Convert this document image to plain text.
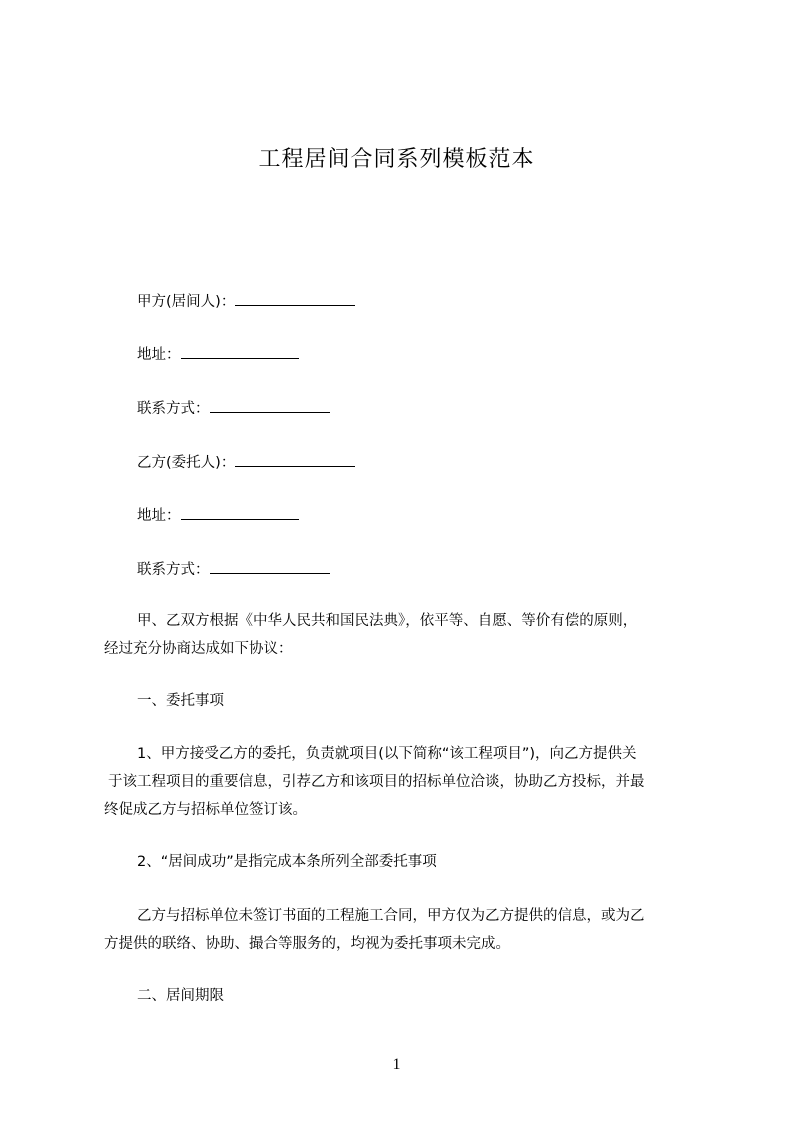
工程居间合同系列模板范本
甲方(居间人)：
地址：
联系方式：
乙方(委托人)：
地址：
联系方式：
甲、乙双方根据《中华人民共和国民法典》，依平等、自愿、等价有偿的原则，
经过充分协商达成如下协议：
一、委托事项
1、甲方接受乙方的委托，负责就项目(以下简称“该工程项目”)，向乙方提供关
于该工程项目的重要信息，引荐乙方和该项目的招标单位洽谈，协助乙方投标，并最
终促成乙方与招标单位签订该。
2、“居间成功”是指完成本条所列全部委托事项
乙方与招标单位未签订书面的工程施工合同，甲方仅为乙方提供的信息，或为乙
方提供的联络、协助、撮合等服务的，均视为委托事项未完成。
二、居间期限
1
